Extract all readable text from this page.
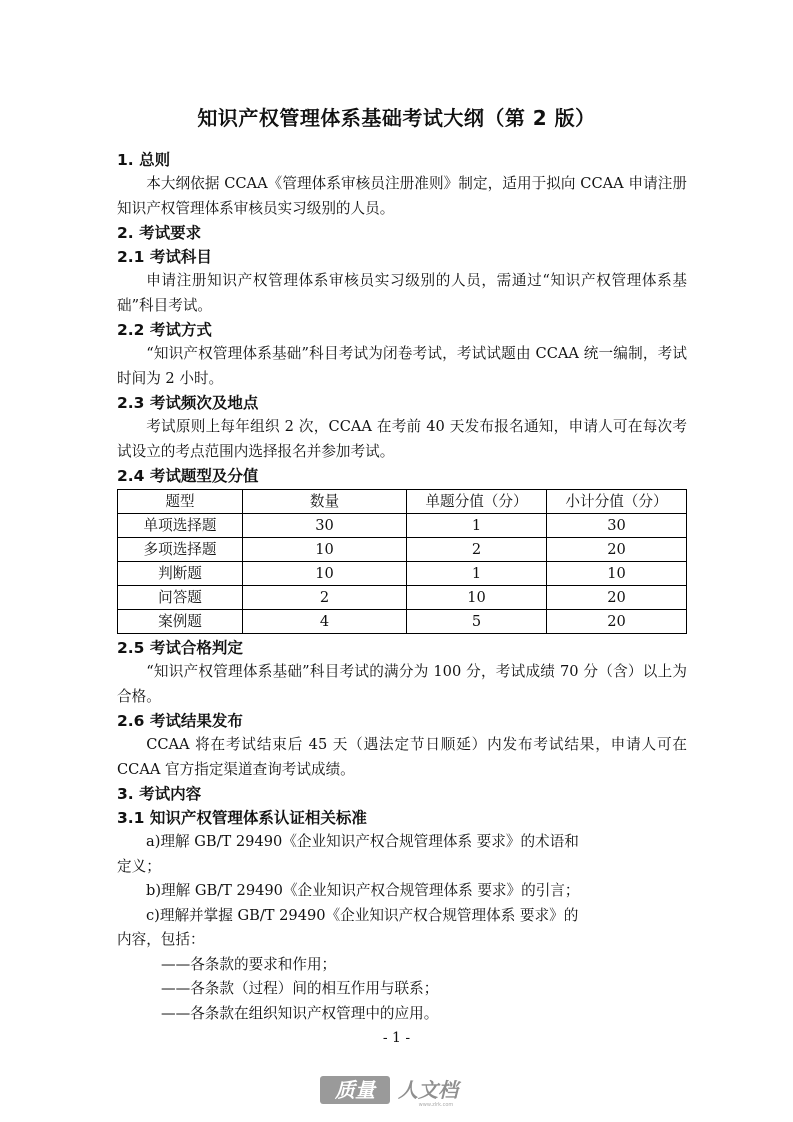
知识产权管理体系基础考试大纲（第 2 版）
1. 总则
本大纲依据 CCAA《管理体系审核员注册准则》制定，适用于拟向 CCAA 申请注册知识产权管理体系审核员实习级别的人员。
2. 考试要求
2.1 考试科目
申请注册知识产权管理体系审核员实习级别的人员，需通过“知识产权管理体系基础”科目考试。
2.2 考试方式
“知识产权管理体系基础”科目考试为闭卷考试，考试试题由 CCAA 统一编制，考试时间为 2 小时。
2.3 考试频次及地点
考试原则上每年组织 2 次，CCAA 在考前 40 天发布报名通知，申请人可在每次考试设立的考点范围内选择报名并参加考试。
2.4 考试题型及分值
题型	数量	单题分值（分）	小计分值（分）
单项选择题	30	1	30
多项选择题	10	2	20
判断题	10	1	10
问答题	2	10	20
案例题	4	5	20
2.5 考试合格判定
“知识产权管理体系基础”科目考试的满分为 100 分，考试成绩 70 分（含）以上为合格。
2.6 考试结果发布
CCAA 将在考试结束后 45 天（遇法定节日顺延）内发布考试结果，申请人可在 CCAA 官方指定渠道查询考试成绩。
3. 考试内容
3.1 知识产权管理体系认证相关标准
a)理解 GB/T 29490《企业知识产权合规管理体系 要求》的术语和
定义；
b)理解 GB/T 29490《企业知识产权合规管理体系 要求》的引言；
c)理解并掌握 GB/T 29490《企业知识产权合规管理体系 要求》的
内容，包括：
——各条款的要求和作用；
——各条款（过程）间的相互作用与联系；
——各条款在组织知识产权管理中的应用。
- 1 -
质量 人文档
www.zlrk.com
